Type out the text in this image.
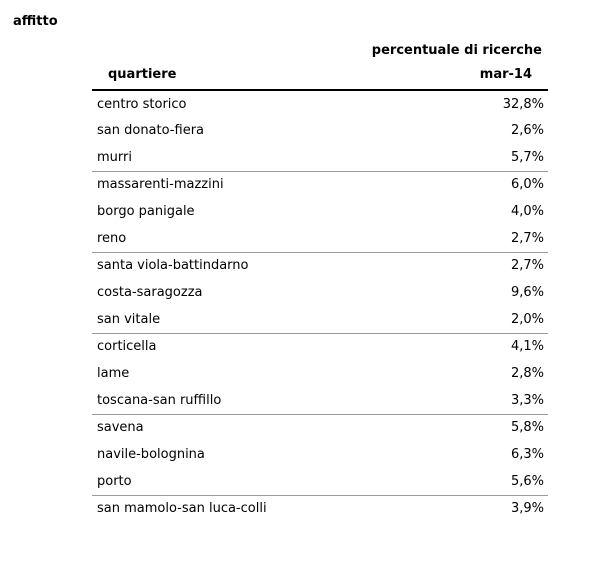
affitto
percentuale di ricerche
quartiere	mar-14
centro storico	32,8%
san donato-fiera	2,6%
murri	5,7%
massarenti-mazzini	6,0%
borgo panigale	4,0%
reno	2,7%
santa viola-battindarno	2,7%
costa-saragozza	9,6%
san vitale	2,0%
corticella	4,1%
lame	2,8%
toscana-san ruffillo	3,3%
savena	5,8%
navile-bolognina	6,3%
porto	5,6%
san mamolo-san luca-colli	3,9%
